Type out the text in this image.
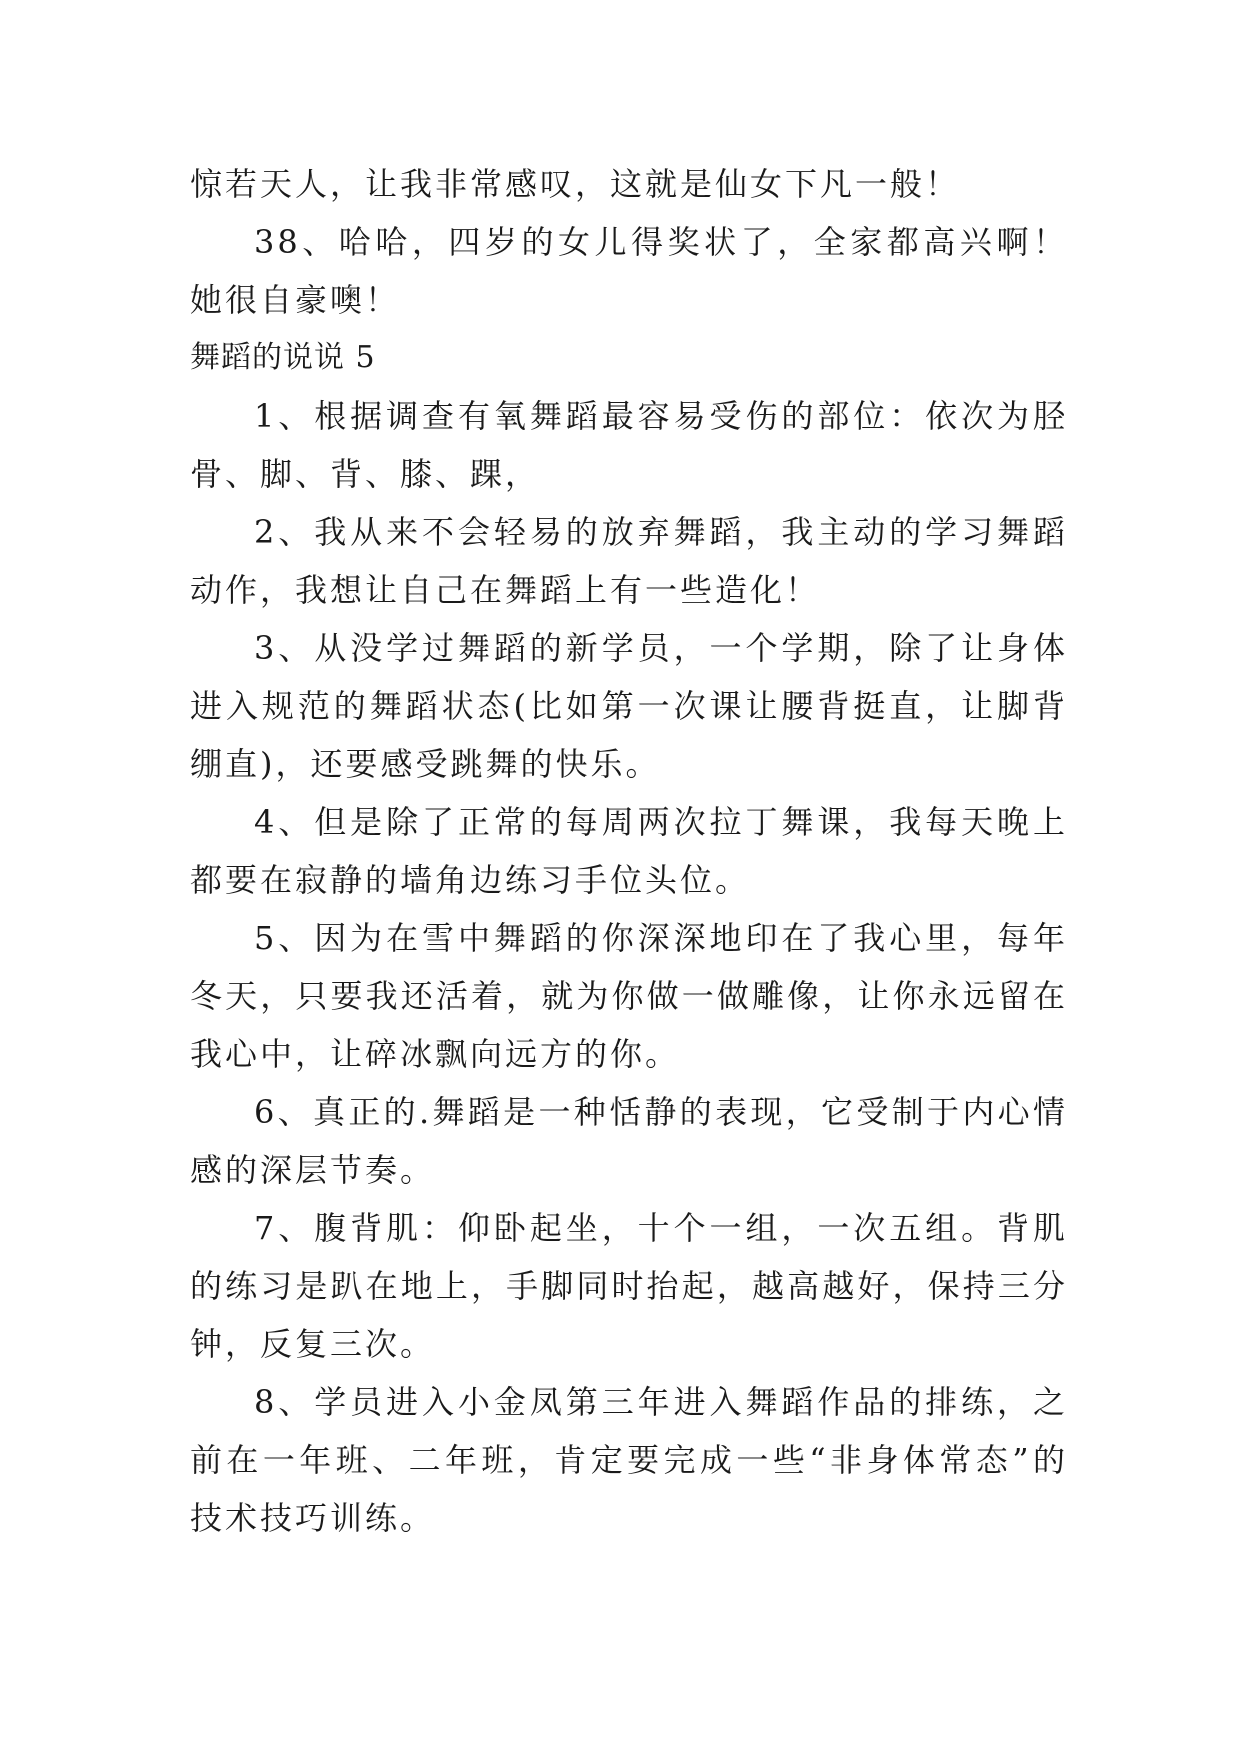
惊若天人，让我非常感叹，这就是仙女下凡一般！

38、哈哈，四岁的女儿得奖状了，全家都高兴啊！她很自豪噢！

舞蹈的说说 5

1、根据调查有氧舞蹈最容易受伤的部位：依次为胫骨、脚、背、膝、踝，

2、我从来不会轻易的放弃舞蹈，我主动的学习舞蹈动作，我想让自己在舞蹈上有一些造化！

3、从没学过舞蹈的新学员，一个学期，除了让身体进入规范的舞蹈状态(比如第一次课让腰背挺直，让脚背绷直)，还要感受跳舞的快乐。

4、但是除了正常的每周两次拉丁舞课，我每天晚上都要在寂静的墙角边练习手位头位。

5、因为在雪中舞蹈的你深深地印在了我心里，每年冬天，只要我还活着，就为你做一做雕像，让你永远留在我心中，让碎冰飘向远方的你。

6、真正的.舞蹈是一种恬静的表现，它受制于内心情感的深层节奏。

7、腹背肌：仰卧起坐，十个一组，一次五组。背肌的练习是趴在地上，手脚同时抬起，越高越好，保持三分钟，反复三次。

8、学员进入小金凤第三年进入舞蹈作品的排练，之前在一年班、二年班，肯定要完成一些“非身体常态”的技术技巧训练。
